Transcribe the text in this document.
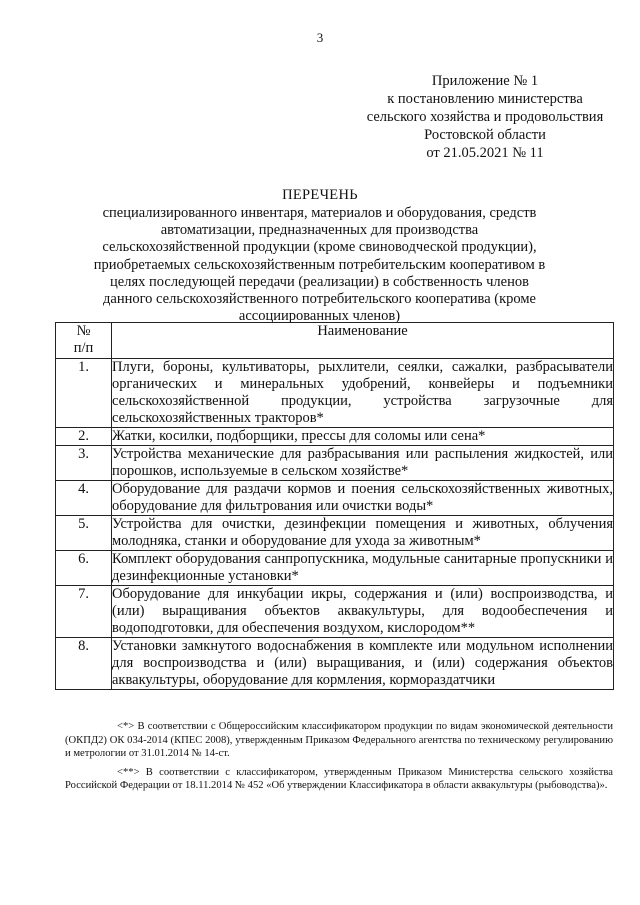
3
Приложение № 1
к постановлению министерства
сельского хозяйства и продовольствия
Ростовской области
от 21.05.2021 № 11
ПЕРЕЧЕНЬ
специализированного инвентаря, материалов и оборудования, средств автоматизации, предназначенных для производства сельскохозяйственной продукции (кроме свиноводческой продукции), приобретаемых сельскохозяйственным потребительским кооперативом в целях последующей передачи (реализации) в собственность членов данного сельскохозяйственного потребительского кооператива (кроме ассоциированных членов)
№
п/п	Наименование
1.	Плуги, бороны, культиваторы, рыхлители, сеялки, сажалки, разбрасыватели органических и минеральных удобрений, конвейеры и подъемники сельскохозяйственной продукции, устройства загрузочные для сельскохозяйственных тракторов*
2.	Жатки, косилки, подборщики, прессы для соломы или сена*
3.	Устройства механические для разбрасывания или распыления жидкостей, или порошков, используемые в сельском хозяйстве*
4.	Оборудование для раздачи кормов и поения сельскохозяйственных животных, оборудование для фильтрования или очистки воды*
5.	Устройства для очистки, дезинфекции помещения и животных, облучения молодняка, станки и оборудование для ухода за животным*
6.	Комплект оборудования санпропускника, модульные санитарные пропускники и дезинфекционные установки*
7.	Оборудование для инкубации икры, содержания и (или) воспроизводства, и (или) выращивания объектов аквакультуры, для водообеспечения и водоподготовки, для обеспечения воздухом, кислородом**
8.	Установки замкнутого водоснабжения в комплекте или модульном исполнении для воспроизводства и (или) выращивания, и (или) содержания объектов аквакультуры, оборудование для кормления, кормораздатчики

<*> В соответствии с Общероссийским классификатором продукции по видам экономической деятельности (ОКПД2) ОК 034-2014 (КПЕС 2008), утвержденным Приказом Федерального агентства по техническому регулированию и метрологии от 31.01.2014 № 14-ст.

<**> В соответствии с классификатором, утвержденным Приказом Министерства сельского хозяйства Российской Федерации от 18.11.2014 № 452 «Об утверждении Классификатора в области аквакультуры (рыбоводства)».
